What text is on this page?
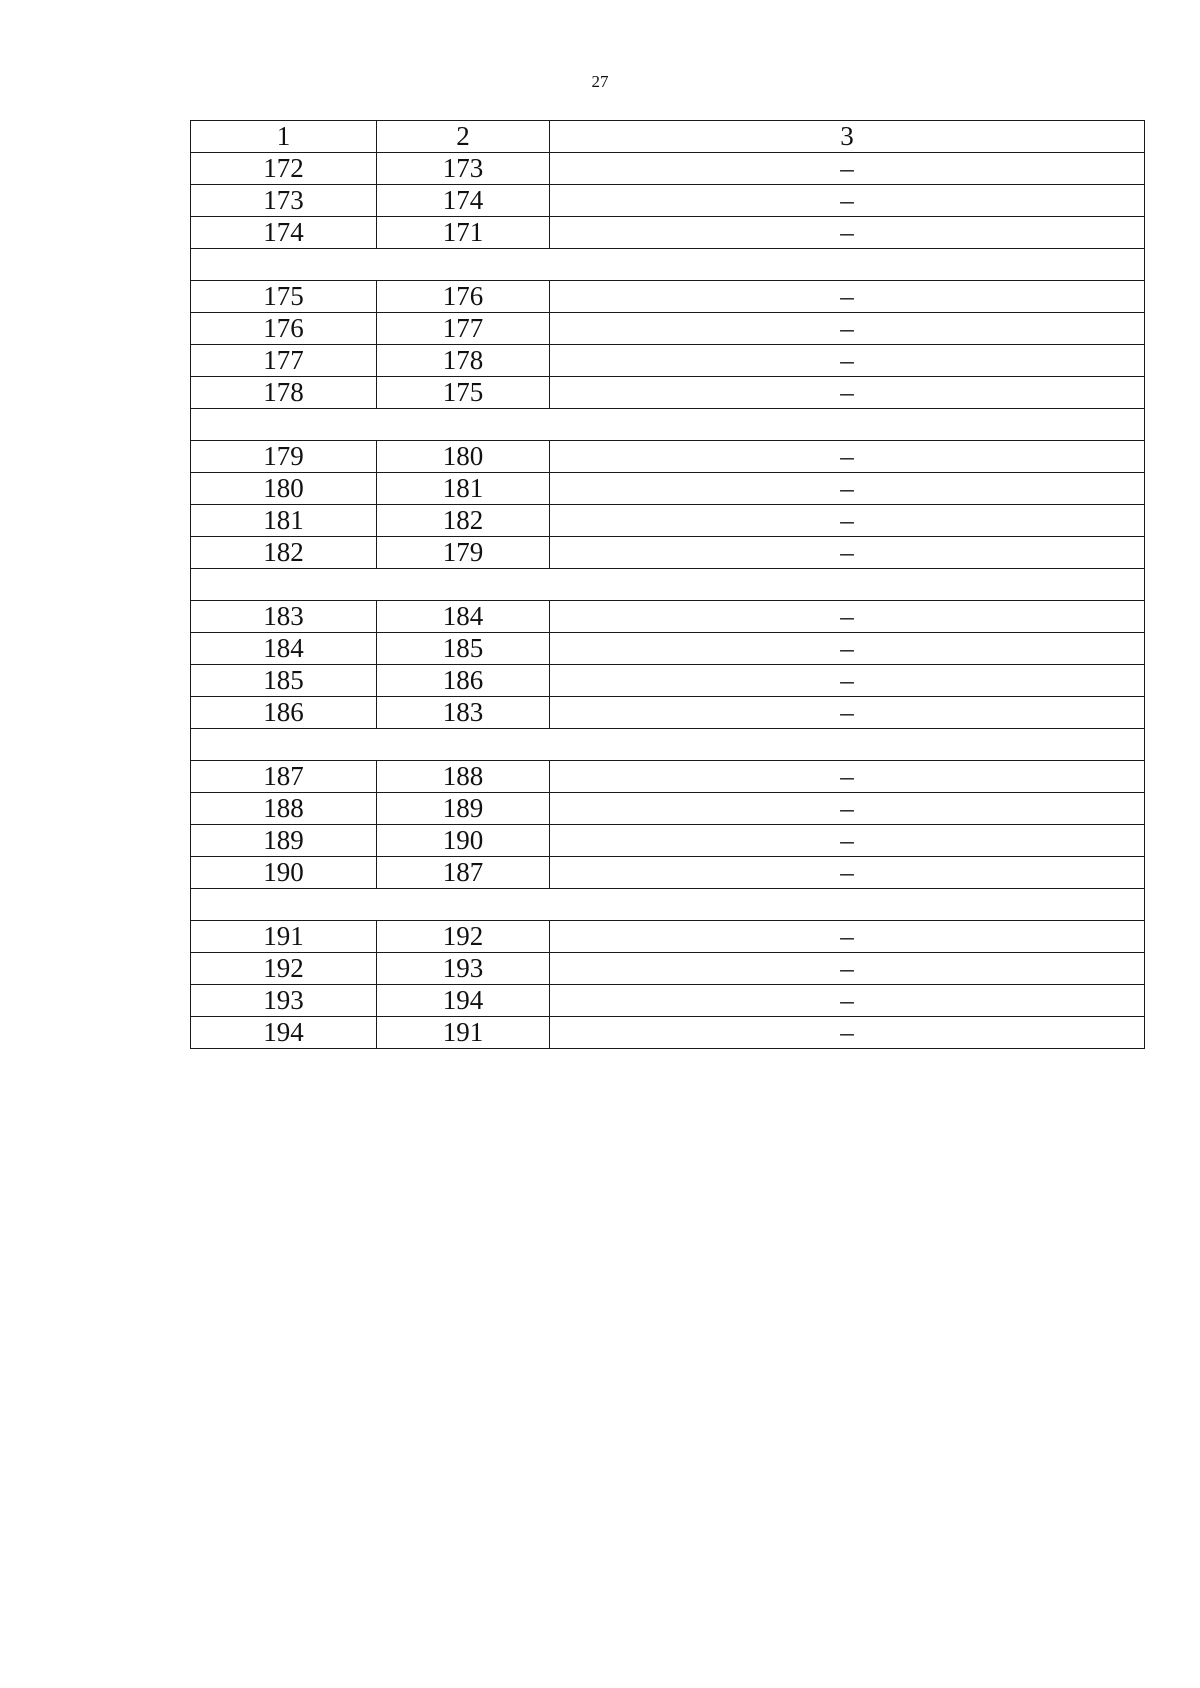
27
1	2	3
172	173	–
173	174	–
174	171	–

175	176	–
176	177	–
177	178	–
178	175	–

179	180	–
180	181	–
181	182	–
182	179	–

183	184	–
184	185	–
185	186	–
186	183	–

187	188	–
188	189	–
189	190	–
190	187	–

191	192	–
192	193	–
193	194	–
194	191	–
